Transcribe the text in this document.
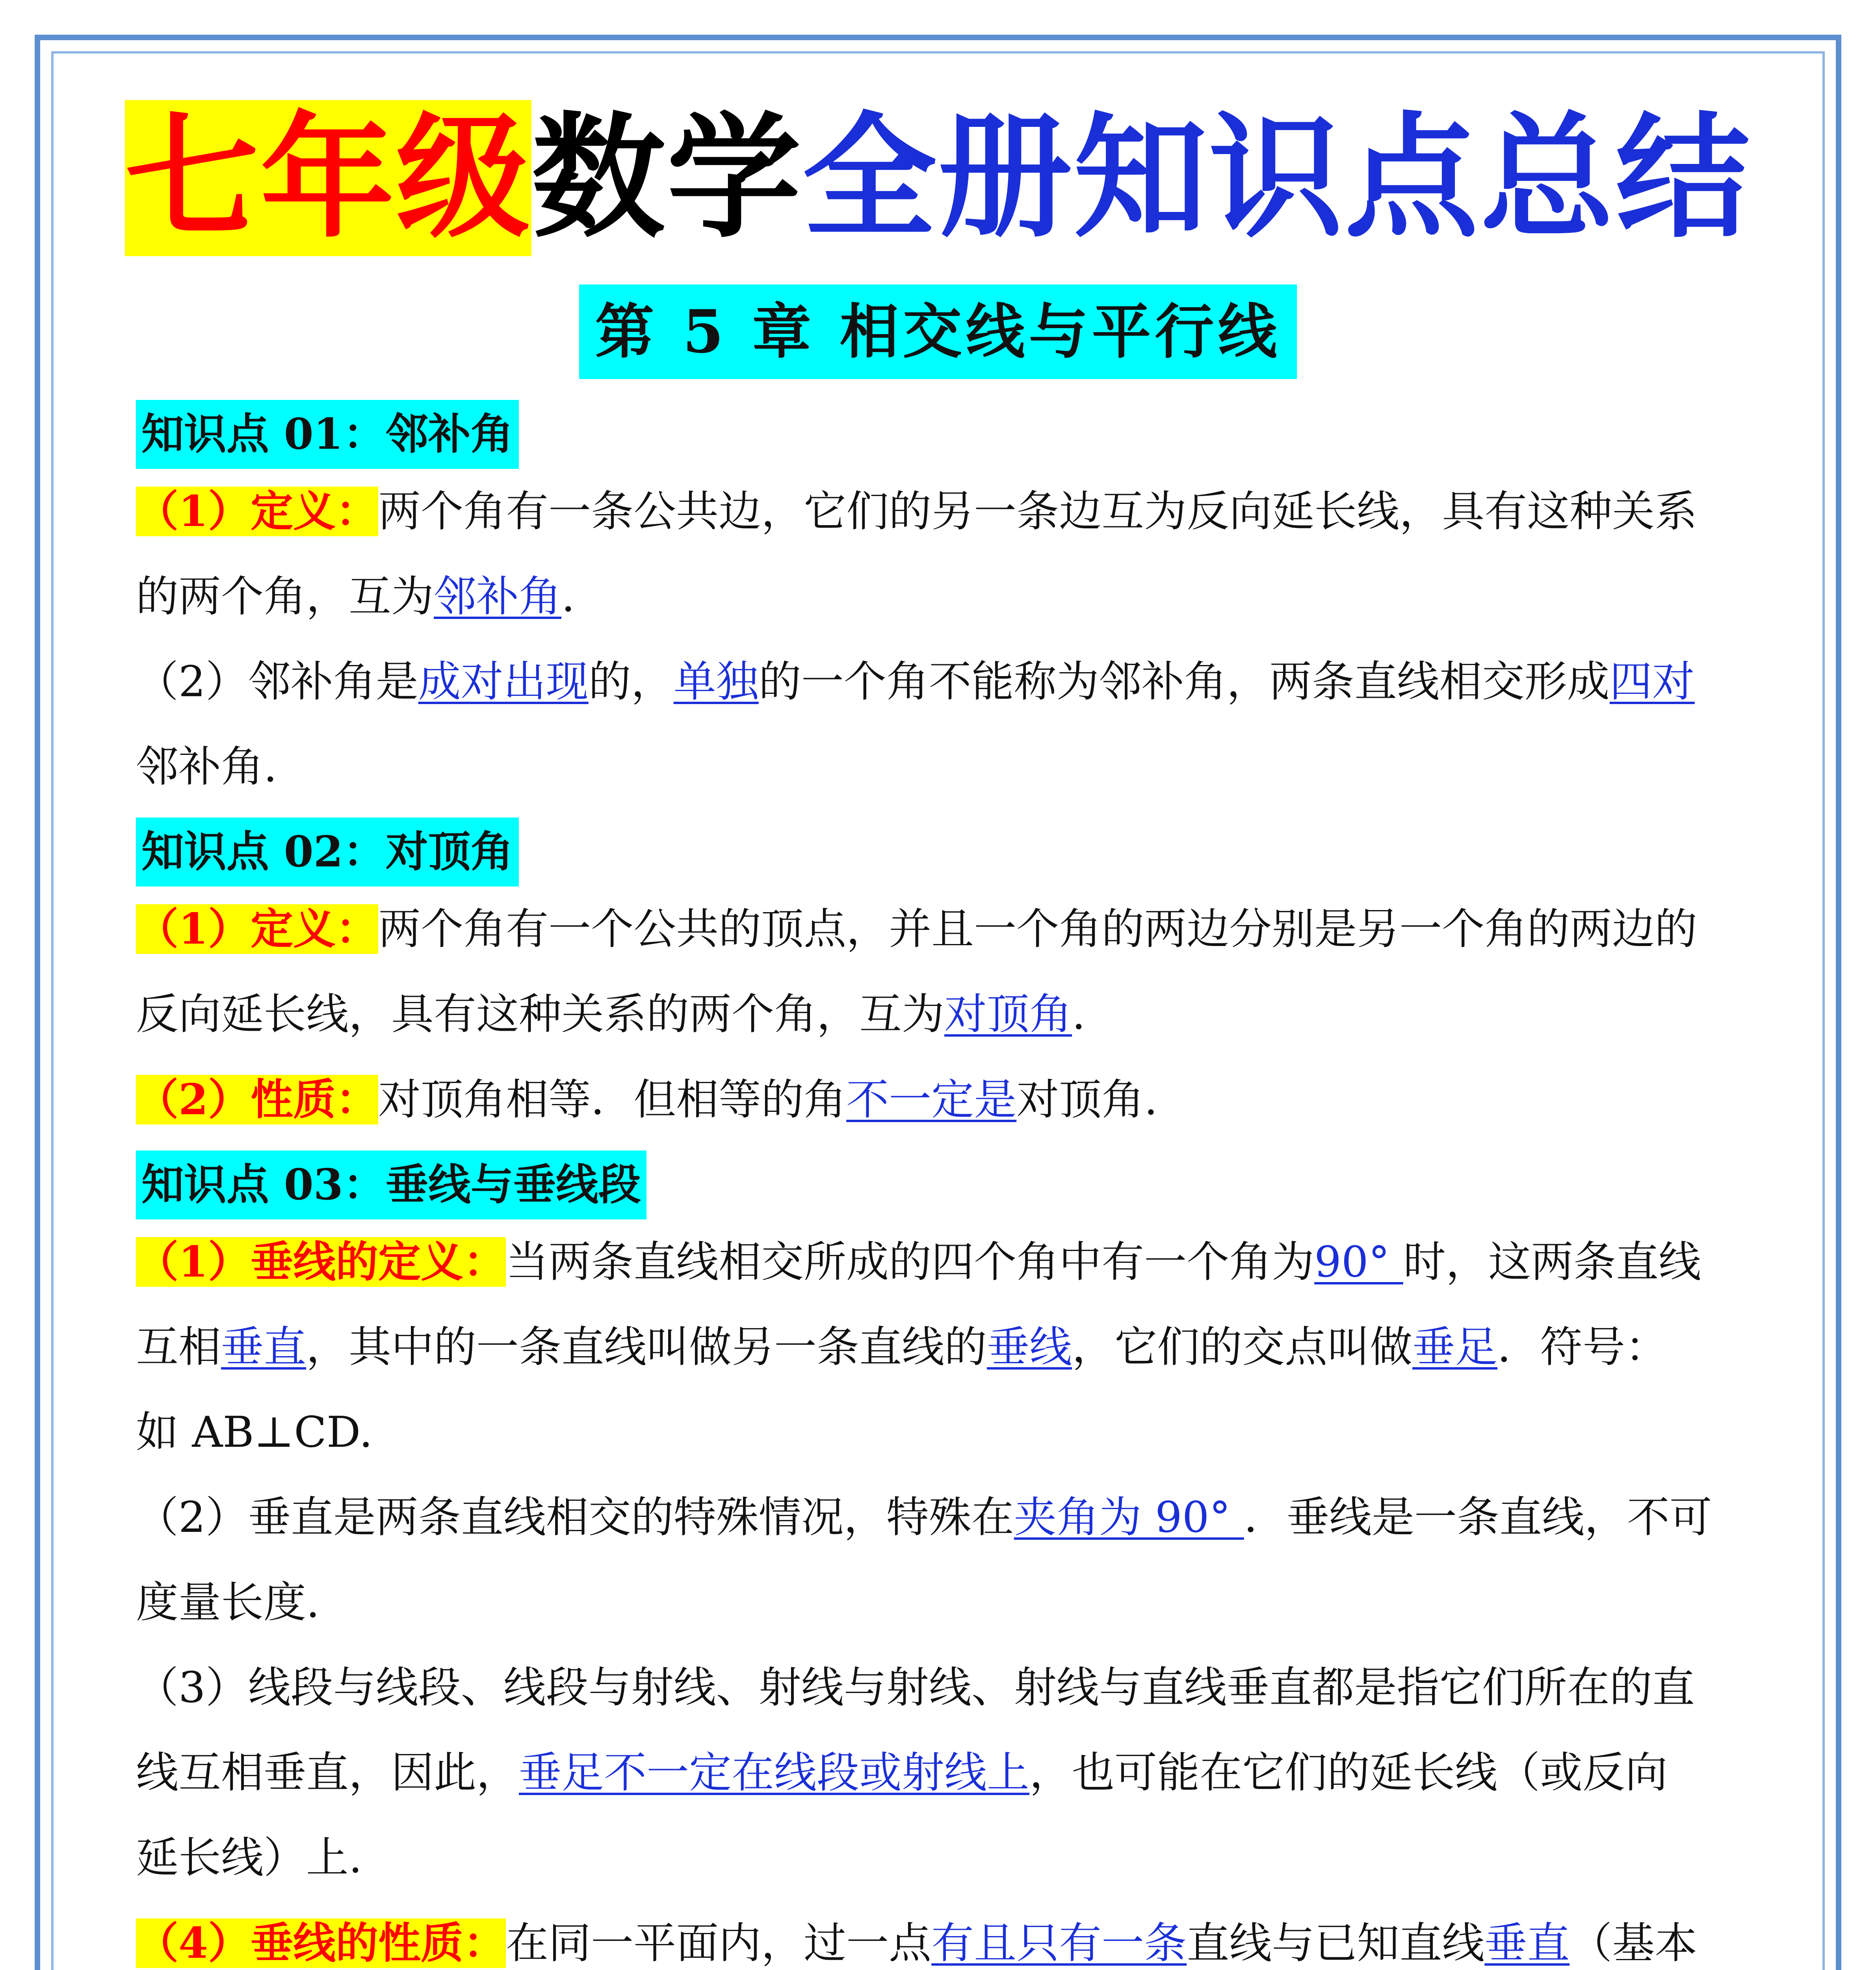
七年级数学全册知识点总结
第 5 章 相交线与平行线
知识点 01：邻补角
（1）定义：两个角有一条公共边，它们的另一条边互为反向延长线，具有这种关系
的两个角，互为邻补角.
（2）邻补角是成对出现的，单独的一个角不能称为邻补角，两条直线相交形成四对
邻补角.
知识点 02：对顶角
（1）定义：两个角有一个公共的顶点，并且一个角的两边分别是另一个角的两边的
反向延长线，具有这种关系的两个角，互为对顶角.
（2）性质：对顶角相等．但相等的角不一定是对顶角.
知识点 03：垂线与垂线段
（1）垂线的定义：当两条直线相交所成的四个角中有一个角为90° 时，这两条直线
互相垂直，其中的一条直线叫做另一条直线的垂线，它们的交点叫做垂足．符号：
如 AB⊥CD.
（2）垂直是两条直线相交的特殊情况，特殊在夹角为 90° ．垂线是一条直线，不可
度量长度.
（3）线段与线段、线段与射线、射线与射线、射线与直线垂直都是指它们所在的直
线互相垂直，因此，垂足不一定在线段或射线上，也可能在它们的延长线（或反向
延长线）上.
（4）垂线的性质：在同一平面内，过一点有且只有一条直线与已知直线垂直（基本
